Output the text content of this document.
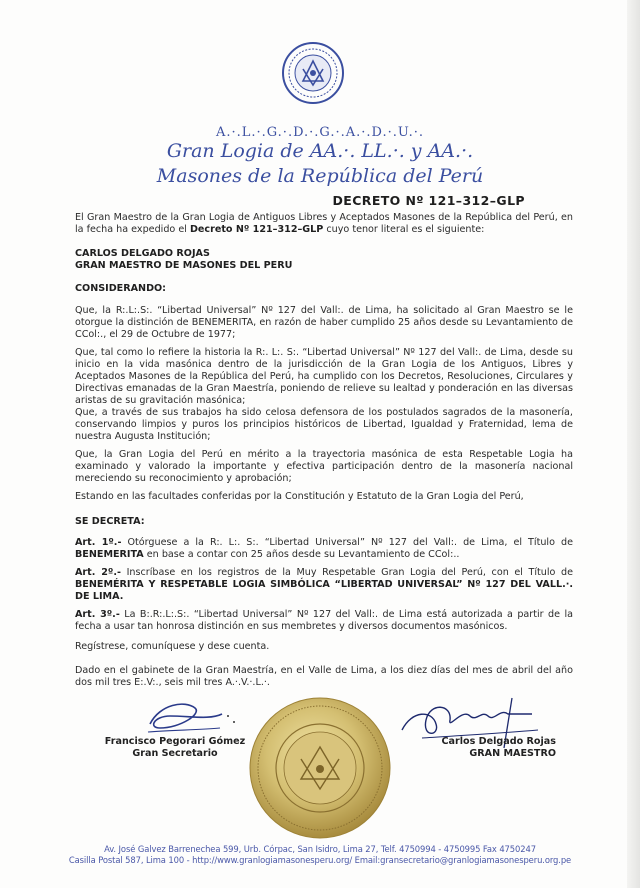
A.·.L.·.G.·.D.·.G.·.A.·.D.·.U.·.
Gran Logia de AA.·. LL.·. y AA.·.
Masones de la República del Perú
DECRETO Nº 121–312–GLP
El Gran Maestro de la Gran Logia de Antiguos Libres y Aceptados Masones de la República del Perú, en la fecha ha expedido el Decreto Nº 121–312–GLP cuyo tenor literal es el siguiente:
CARLOS DELGADO ROJAS
GRAN MAESTRO DE MASONES DEL PERU
CONSIDERANDO:
Que, la R:.L:.S:. “Libertad Universal” Nº 127 del Vall:. de Lima, ha solicitado al Gran Maestro se le otorgue la distinción de BENEMERITA, en razón de haber cumplido 25 años desde su Levantamiento de CCol:., el 29 de Octubre de 1977;
Que, tal como lo refiere la historia la R:. L:. S:. “Libertad Universal” Nº 127 del Vall:. de Lima, desde su inicio en la vida masónica dentro de la jurisdicción de la Gran Logia de los Antiguos, Libres y Aceptados Masones de la República del Perú, ha cumplido con los Decretos, Resoluciones, Circulares y Directivas emanadas de la Gran Maestría, poniendo de relieve su lealtad y ponderación en las diversas aristas de su gravitación masónica;
Que, a través de sus trabajos ha sido celosa defensora de los postulados sagrados de la masonería, conservando limpios y puros los principios históricos de Libertad, Igualdad y Fraternidad, lema de nuestra Augusta Institución;
Que, la Gran Logia del Perú en mérito a la trayectoria masónica de esta Respetable Logia ha examinado y valorado la importante y efectiva participación dentro de la masonería nacional mereciendo su reconocimiento y aprobación;
Estando en las facultades conferidas por la Constitución y Estatuto de la Gran Logia del Perú,
SE DECRETA:
Art. 1º.- Otórguese a la R:. L:. S:. “Libertad Universal” Nº 127 del Vall:. de Lima, el Título de BENEMERITA en base a contar con 25 años desde su Levantamiento de CCol:..
Art. 2º.- Inscríbase en los registros de la Muy Respetable Gran Logia del Perú, con el Título de BENEMÉRITA Y RESPETABLE LOGIA SIMBÓLICA “LIBERTAD UNIVERSAL” Nº 127 DEL VALL.·. DE LIMA.
Art. 3º.- La B:.R:.L:.S:. “Libertad Universal” Nº 127 del Vall:. de Lima está autorizada a partir de la fecha a usar tan honrosa distinción en sus membretes y diversos documentos masónicos.
Regístrese, comuníquese y dese cuenta.
Dado en el gabinete de la Gran Maestría, en el Valle de Lima, a los diez días del mes de abril del año dos mil tres E:.V:., seis mil tres A.·.V.·.L.·.
Francisco Pegorari Gómez
Gran Secretario
Carlos Delgado Rojas
GRAN MAESTRO
Av. José Galvez Barrenechea 599, Urb. Córpac, San Isidro, Lima 27, Telf. 4750994 - 4750995 Fax 4750247
Casilla Postal 587, Lima 100 - http://www.granlogiamasonesperu.org/ Email:gransecretario@granlogiamasonesperu.org.pe
